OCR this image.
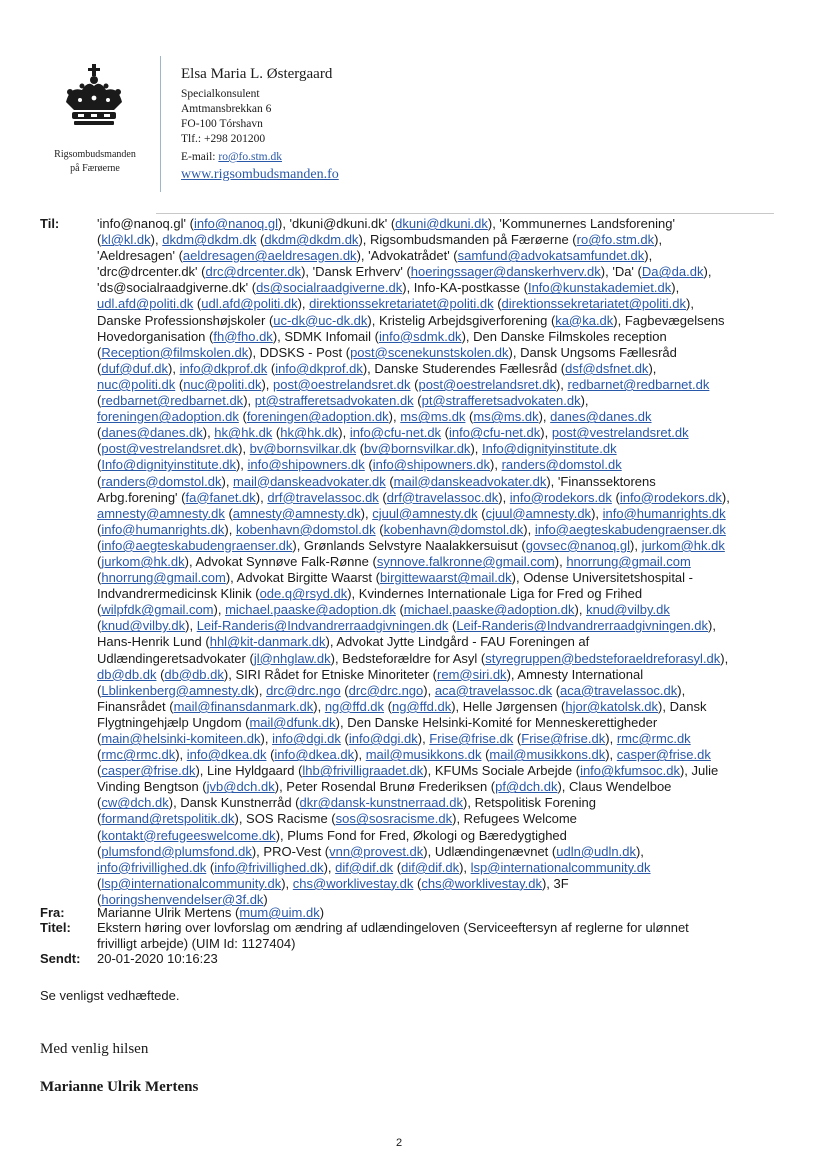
Rigsombudsmanden
på Færøerne
Elsa Maria L. Østergaard
Specialkonsulent
Amtmansbrekkan 6
FO-100 Tórshavn
Tlf.: +298 201200
E-mail: ro@fo.stm.dk
www.rigsombudsmanden.fo
Til:	'info@nanoq.gl' (info@nanoq.gl), 'dkuni@dkuni.dk' (dkuni@dkuni.dk), 'Kommunernes Landsforening'
(kl@kl.dk), dkdm@dkdm.dk (dkdm@dkdm.dk), Rigsombudsmanden på Færøerne (ro@fo.stm.dk),
'Aeldresagen' (aeldresagen@aeldresagen.dk), 'Advokatrådet' (samfund@advokatsamfundet.dk),
'drc@drcenter.dk' (drc@drcenter.dk), 'Dansk Erhverv' (hoeringssager@danskerhverv.dk), 'Da' (Da@da.dk),
'ds@socialraadgiverne.dk' (ds@socialraadgiverne.dk), Info-KA-postkasse (Info@kunstakademiet.dk),
udl.afd@politi.dk (udl.afd@politi.dk), direktionssekretariatet@politi.dk (direktionssekretariatet@politi.dk),
Danske Professionshøjskoler (uc-dk@uc-dk.dk), Kristelig Arbejdsgiverforening (ka@ka.dk), Fagbevægelsens
Hovedorganisation (fh@fho.dk), SDMK Infomail (info@sdmk.dk), Den Danske Filmskoles reception
(Reception@filmskolen.dk), DDSKS - Post (post@scenekunstskolen.dk), Dansk Ungsoms Fællesråd
(duf@duf.dk), info@dkprof.dk (info@dkprof.dk), Danske Studerendes Fællesråd (dsf@dsfnet.dk),
nuc@politi.dk (nuc@politi.dk), post@oestrelandsret.dk (post@oestrelandsret.dk), redbarnet@redbarnet.dk
(redbarnet@redbarnet.dk), pt@strafferetsadvokaten.dk (pt@strafferetsadvokaten.dk),
foreningen@adoption.dk (foreningen@adoption.dk), ms@ms.dk (ms@ms.dk), danes@danes.dk
(danes@danes.dk), hk@hk.dk (hk@hk.dk), info@cfu-net.dk (info@cfu-net.dk), post@vestrelandsret.dk
(post@vestrelandsret.dk), bv@bornsvilkar.dk (bv@bornsvilkar.dk), Info@dignityinstitute.dk
(Info@dignityinstitute.dk), info@shipowners.dk (info@shipowners.dk), randers@domstol.dk
(randers@domstol.dk), mail@danskeadvokater.dk (mail@danskeadvokater.dk), 'Finanssektorens
Arbg.forening' (fa@fanet.dk), drf@travelassoc.dk (drf@travelassoc.dk), info@rodekors.dk (info@rodekors.dk),
amnesty@amnesty.dk (amnesty@amnesty.dk), cjuul@amnesty.dk (cjuul@amnesty.dk), info@humanrights.dk
(info@humanrights.dk), kobenhavn@domstol.dk (kobenhavn@domstol.dk), info@aegteskabudengraenser.dk
(info@aegteskabudengraenser.dk), Grønlands Selvstyre Naalakkersuisut (govsec@nanoq.gl), jurkom@hk.dk
(jurkom@hk.dk), Advokat Synnøve Falk-Rønne (synnove.falkronne@gmail.com), hnorrung@gmail.com
(hnorrung@gmail.com), Advokat Birgitte Waarst (birgittewaarst@mail.dk), Odense Universitetshospital -
Indvandrermedicinsk Klinik (ode.q@rsyd.dk), Kvindernes Internationale Liga for Fred og Frihed
(wilpfdk@gmail.com), michael.paaske@adoption.dk (michael.paaske@adoption.dk), knud@vilby.dk
(knud@vilby.dk), Leif-Randeris@Indvandrerraadgivningen.dk (Leif-Randeris@Indvandrerraadgivningen.dk),
Hans-Henrik Lund (hhl@kit-danmark.dk), Advokat Jytte Lindgård - FAU Foreningen af
Udlændingeretsadvokater (jl@nhglaw.dk), Bedsteforældre for Asyl (styregruppen@bedsteforaeldreforasyl.dk),
db@db.dk (db@db.dk), SIRI Rådet for Etniske Minoriteter (rem@siri.dk), Amnesty International
(Lblinkenberg@amnesty.dk), drc@drc.ngo (drc@drc.ngo), aca@travelassoc.dk (aca@travelassoc.dk),
Finansrådet (mail@finansdanmark.dk), ng@ffd.dk (ng@ffd.dk), Helle Jørgensen (hjor@katolsk.dk), Dansk
Flygtningehjælp Ungdom (mail@dfunk.dk), Den Danske Helsinki-Komité for Menneskerettigheder
(main@helsinki-komiteen.dk), info@dgi.dk (info@dgi.dk), Frise@frise.dk (Frise@frise.dk), rmc@rmc.dk
(rmc@rmc.dk), info@dkea.dk (info@dkea.dk), mail@musikkons.dk (mail@musikkons.dk), casper@frise.dk
(casper@frise.dk), Line Hyldgaard (lhb@frivilligraadet.dk), KFUMs Sociale Arbejde (info@kfumsoc.dk), Julie
Vinding Bengtson (jvb@dch.dk), Peter Rosendal Brunø Frederiksen (pf@dch.dk), Claus Wendelboe
(cw@dch.dk), Dansk Kunstnerråd (dkr@dansk-kunstnerraad.dk), Retspolitisk Forening
(formand@retspolitik.dk), SOS Racisme (sos@sosracisme.dk), Refugees Welcome
(kontakt@refugeeswelcome.dk), Plums Fond for Fred, Økologi og Bæredygtighed
(plumsfond@plumsfond.dk), PRO-Vest (vnn@provest.dk), Udlændingenævnet (udln@udln.dk),
info@frivillighed.dk (info@frivillighed.dk), dif@dif.dk (dif@dif.dk), lsp@internationalcommunity.dk
(lsp@internationalcommunity.dk), chs@worklivestay.dk (chs@worklivestay.dk), 3F
(horingshenvendelser@3f.dk)
Fra:	Marianne Ulrik Mertens (mum@uim.dk)
Titel:	Ekstern høring over lovforslag om ændring af udlændingeloven (Serviceeftersyn af reglerne for ulønnet
frivilligt arbejde) (UIM Id: 1127404)
Sendt:	20-01-2020 10:16:23
Se venligst vedhæftede.
Med venlig hilsen
Marianne Ulrik Mertens
2
